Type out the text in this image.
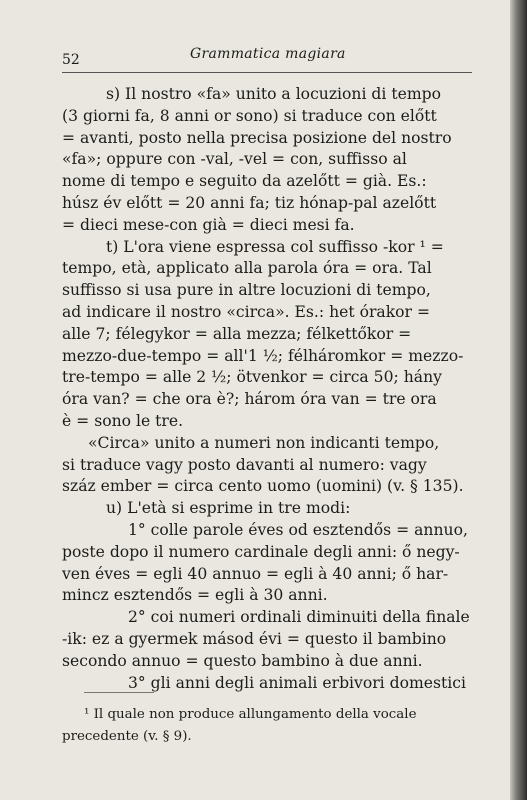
52	Grammatica magiara
s) Il nostro «fa» unito a locuzioni di tempo
(3 giorni fa, 8 anni or sono) si traduce con előtt
= avanti, posto nella precisa posizione del nostro
«fa»; oppure con -val, -vel = con, suffisso al
nome di tempo e seguito da azelőtt = già. Es.:
húsz év előtt = 20 anni fa; tiz hónap-pal azelőtt
= dieci mese-con già = dieci mesi fa.
t) L'ora viene espressa col suffisso -kor ¹ =
tempo, età, applicato alla parola óra = ora. Tal
suffisso si usa pure in altre locuzioni di tempo,
ad indicare il nostro «circa». Es.: het órakor =
alle 7; félegykor = alla mezza; félkettőkor =
mezzo-due-tempo = all'1 ½; félháromkor = mezzo-
tre-tempo = alle 2 ½; ötvenkor = circa 50; hány
óra van? = che ora è?; három óra van = tre ora
è = sono le tre.
«Circa» unito a numeri non indicanti tempo,
si traduce vagy posto davanti al numero: vagy
száz ember = circa cento uomo (uomini) (v. § 135).
u) L'età si esprime in tre modi:
1° colle parole éves od esztendős = annuo,
poste dopo il numero cardinale degli anni: ő negy-
ven éves = egli 40 annuo = egli à 40 anni; ő har-
mincz esztendős = egli à 30 anni.
2° coi numeri ordinali diminuiti della finale
-ik: ez a gyermek másod évi = questo il bambino
secondo annuo = questo bambino à due anni.
3° gli anni degli animali erbivori domestici
¹ Il quale non produce allungamento della vocale
precedente (v. § 9).
